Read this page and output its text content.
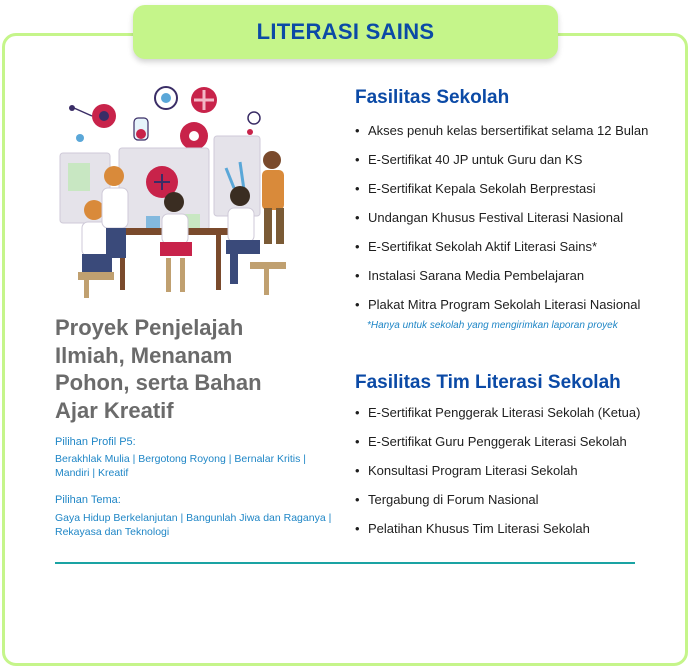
LITERASI SAINS
Proyek Penjelajah Ilmiah, Menanam Pohon, serta Bahan Ajar Kreatif
Pilihan Profil P5:
Berakhlak Mulia | Bergotong Royong | Bernalar Kritis | Mandiri | Kreatif
Pilihan Tema:
Gaya Hidup Berkelanjutan | Bangunlah Jiwa dan Raganya | Rekayasa dan Teknologi
Fasilitas Sekolah
• Akses penuh kelas bersertifikat selama 12 Bulan
• E-Sertifikat 40 JP untuk Guru dan KS
• E-Sertifikat Kepala Sekolah Berprestasi
• Undangan Khusus Festival Literasi Nasional
• E-Sertifikat Sekolah Aktif Literasi Sains*
• Instalasi Sarana Media Pembelajaran
• Plakat Mitra Program Sekolah Literasi Nasional
*Hanya untuk sekolah yang mengirimkan laporan proyek
Fasilitas Tim Literasi Sekolah
• E-Sertifikat Penggerak Literasi Sekolah (Ketua)
• E-Sertifikat Guru Penggerak Literasi Sekolah
• Konsultasi Program Literasi Sekolah
• Tergabung di Forum Nasional
• Pelatihan Khusus Tim Literasi Sekolah
